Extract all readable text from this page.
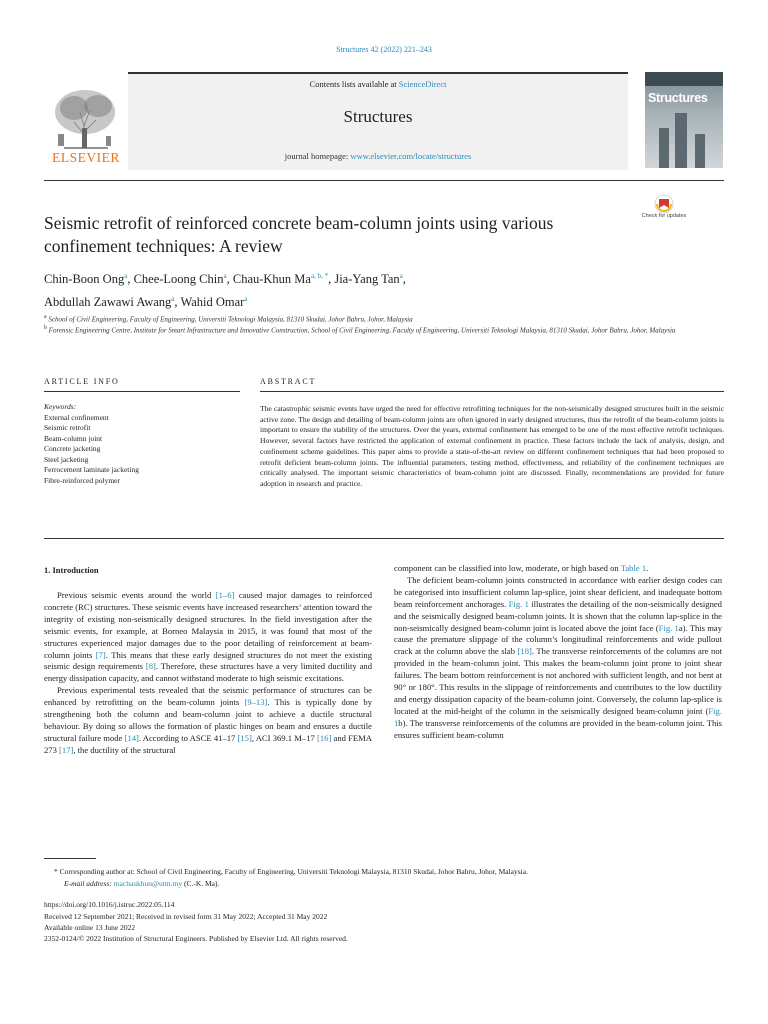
Structures 42 (2022) 221–243
Contents lists available at ScienceDirect
Structures
journal homepage: www.elsevier.com/locate/structures
ELSEVIER
Structures
Check for updates
Seismic retrofit of reinforced concrete beam-column joints using various confinement techniques: A review
Chin-Boon Ong$^a$, Chee-Loong Chin$^a$, Chau-Khun $Ma^{a, b, *}$, Jia-Yang Tan$^a$,
Abdullah Zawawi Awang$^a$, Wahid Omar$^a$
$^a$ School of Civil Engineering, Faculty of Engineering, Universiti Teknologi Malaysia, 81310 Skudai, Johor Bahru, Johor, Malaysia
$^b$ Forensic Engineering Centre, Institute for Smart Infrastructure and Innovative Construction, School of Civil Engineering, Faculty of Engineering, Universiti Teknologi Malaysia, 81310 Skudai, Johor Bahru, Johor, Malaysia
ARTICLE INFO	ABSTRACT
Keywords:
External confinement
Seismic retrofit
Beam-column joint
Concrete jacketing
Steel jacketing
Ferrocement laminate jacketing
Fibre-reinforced polymer
The catastrophic seismic events have urged the need for effective retrofitting techniques for the non-seismically designed structures built in the seismic active zone. The design and detailing of beam-column joints are often ignored in early designed structures, thus the retrofit of the beam-column joints is important to ensure the stability of the structures. Over the years, external confinement has emerged to be one of the most effective retrofit techniques. However, several factors have restricted the application of external confinement in practice. These factors include the lack of analysis, design, and confinement scheme guidelines. This paper aims to provide a state-of-the-art review on different confinement techniques that had been proposed to retrofit deficient beam-column joints. The influential parameters, testing method, effectiveness, and reliability of the confinement techniques are critically analysed. The important seismic characteristics of beam-column joint are discussed. Finally, recommendations are provided for future adoption in research and practice.
1. Introduction

Previous seismic events around the world [1–6] caused major damages to reinforced concrete (RC) structures. These seismic events have increased researchers’ attention toward the integrity of existing non-seismically designed structures. In the field investigation after the seismic events, for example, at Borneo Malaysia in 2015, it was found that most of the structures experienced major damages due to the poor detailing of reinforcement at beam-column joints [7]. This means that these early designed structures do not meet the existing seismic design requirements [8]. Therefore, these structures have a very limited ductility and energy dissipation capacity, and cannot withstand moderate to high seismic excitations.

Previous experimental tests revealed that the seismic performance of structures can be enhanced by retrofitting on the beam-column joints [9–13]. This is typically done by strengthening both the column and beam-column joint to achieve a ductile structural behaviour. By doing so allows the formation of plastic hinges on beam and ensures a ductile structural failure mode [14]. According to ASCE 41–17 [15], ACI 369.1 M–17 [16] and FEMA 273 [17], the ductility of the structural

component can be classified into low, moderate, or high based on Table 1.

The deficient beam-column joints constructed in accordance with earlier design codes can be categorised into insufficient column lap-splice, joint shear deficient, and inadequate bottom beam reinforcement anchorages. Fig. 1 illustrates the detailing of the non-seismically designed and the seismically designed beam-column joints. It is shown that the column lap-splice in the non-seismically designed beam-column joint is located above the joint face (Fig. 1a). This may cause the premature slippage of the column’s longitudinal reinforcements and wide pullout crack at the column above the slab [18]. The transverse reinforcements of the columns are not provided in the beam-column joint. This makes the beam-column joint prone to joint shear failures. The beam bottom reinforcement is not anchored with sufficient length, and not bent at 90° or 180°. This results in the slippage of reinforcements and contributes to the low ductility and energy dissipation capacity of the beam-column joint. Conversely, the column lap-splice is located at the mid-height of the column in the seismically designed beam-column joint (Fig. 1b). The transverse reinforcements of the columns are provided in the beam-column joint. This ensures sufficient beam-column

* Corresponding author at: School of Civil Engineering, Faculty of Engineering, Universiti Teknologi Malaysia, 81310 Skudai, Johor Bahru, Johor, Malaysia.
E-mail address: machaukhun@utm.my (C.-K. Ma).
https://doi.org/10.1016/j.istruc.2022.05.114
Received 12 September 2021; Received in revised form 31 May 2022; Accepted 31 May 2022
Available online 13 June 2022
2352-0124/© 2022 Institution of Structural Engineers. Published by Elsevier Ltd. All rights reserved.
